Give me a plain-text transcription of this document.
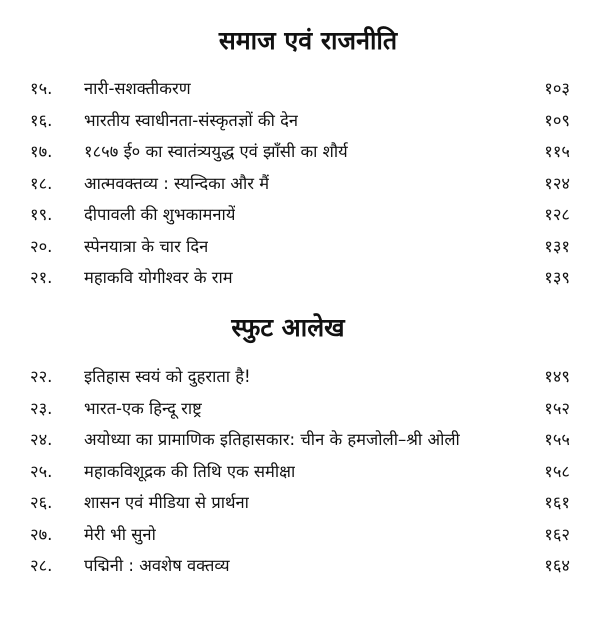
समाज एवं राजनीति
१५. नारी-सशक्तीकरण	१०३
१६. भारतीय स्वाधीनता-संस्कृतज्ञों की देन	१०९
१७. १८५७ ई० का स्वातंत्र्ययुद्ध एवं झाँसी का शौर्य	११५
१८. आत्मवक्तव्य : स्यन्दिका और मैं	१२४
१९. दीपावली की शुभकामनायें	१२८
२०. स्पेनयात्रा के चार दिन	१३१
२१. महाकवि योगीश्वर के राम	१३९
स्फुट आलेख
२२. इतिहास स्वयं को दुहराता है!	१४९
२३. भारत-एक हिन्दू राष्ट्र	१५२
२४. अयोध्या का प्रामाणिक इतिहासकार: चीन के हमजोली–श्री ओली	१५५
२५. महाकविशूद्रक की तिथि एक समीक्षा	१५८
२६. शासन एवं मीडिया से प्रार्थना	१६१
२७. मेरी भी सुनो	१६२
२८. पद्मिनी : अवशेष वक्तव्य	१६४
